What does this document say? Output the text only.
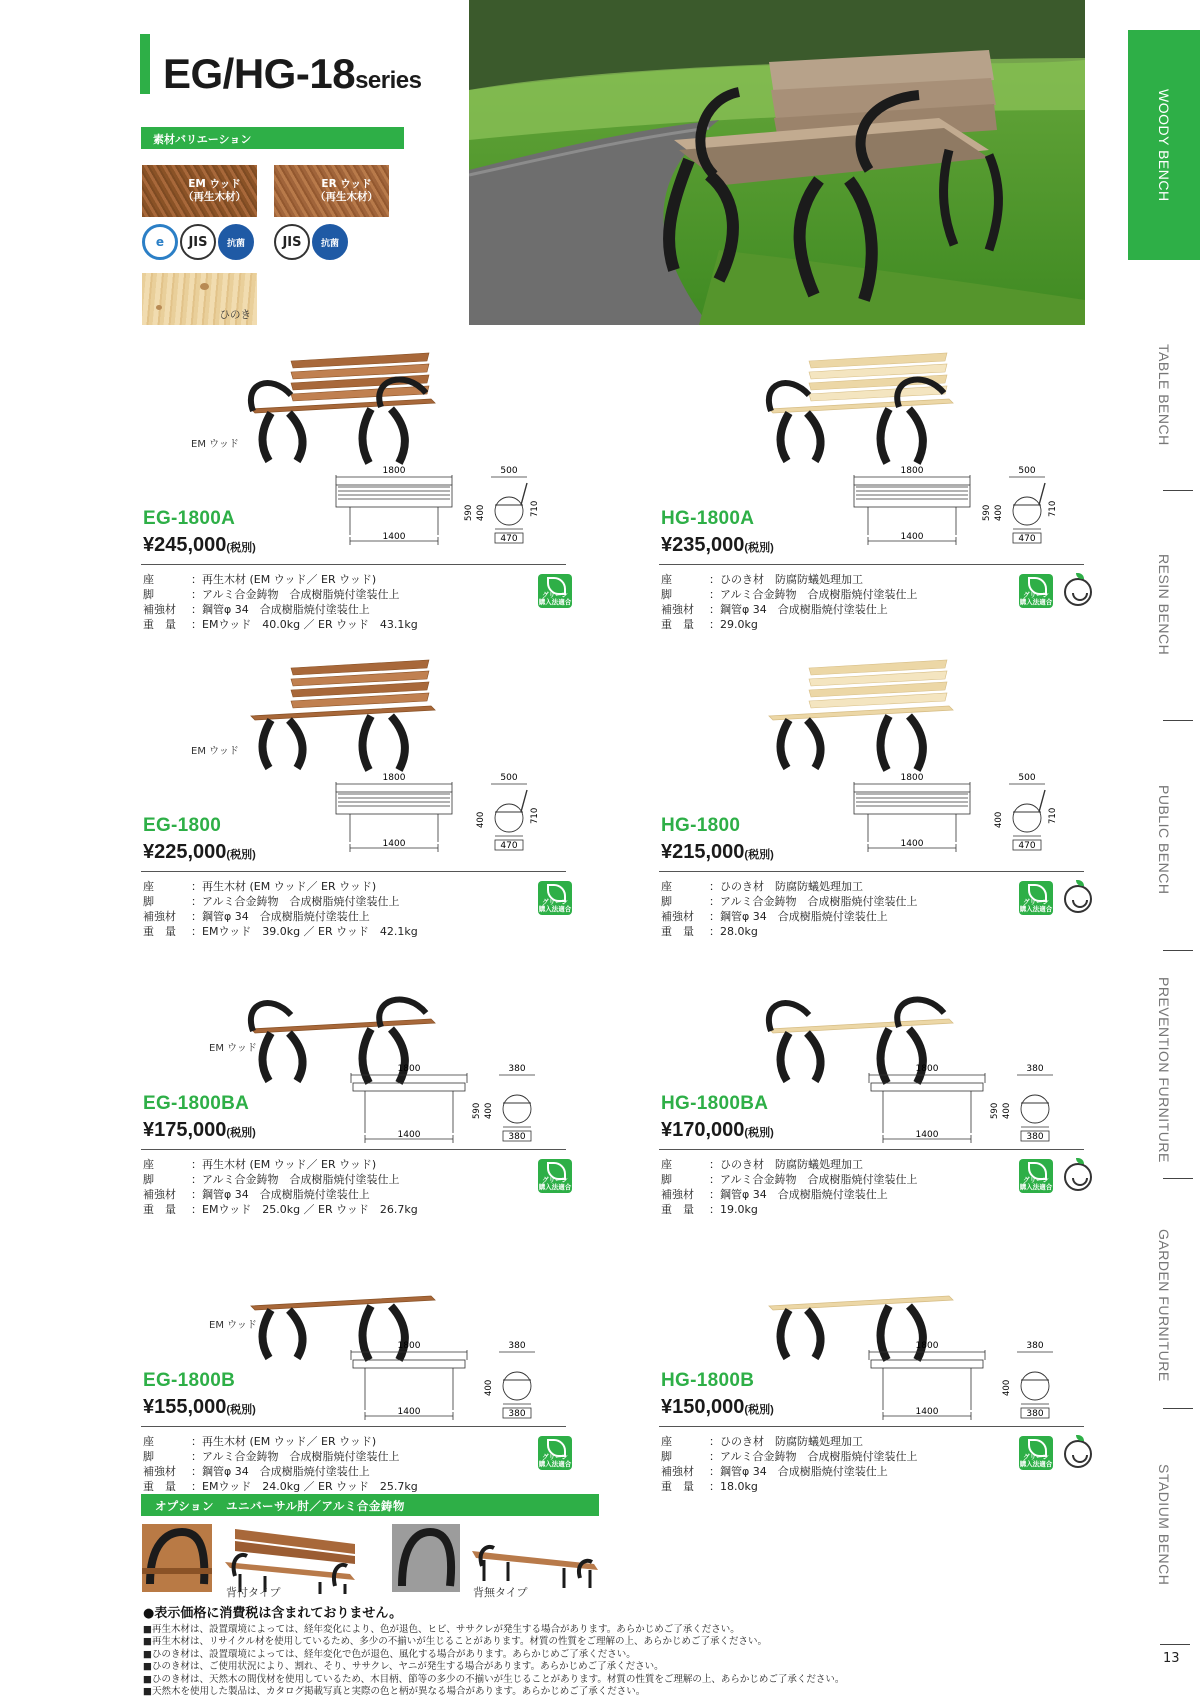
EG/HG-18series
素材バリエーション
EM ウッド
（再生木材）
ER ウッド
（再生木材）
ひのき
e	JIS 抗菌	JIS 抗菌
WOODY BENCH
TABLE BENCH
RESIN BENCH
PUBLIC BENCH
PREVENTION FURNITURE
GARDEN FURNITURE
STADIUM BENCH
13
1800
1400
500
470
590 400	710
EM ウッド
EG-1800A
¥245,000(税別)
座	：再生木材 (EM ウッド／ ER ウッド)
脚	：アルミ合金鋳物　合成樹脂焼付塗装仕上
補強材	：鋼管φ 34　合成樹脂焼付塗装仕上
重　量	：EMウッド　40.0kg ／ ER ウッド　43.1kg
グリーン
購入法適合
1800
1400
500
470
590 400	710
HG-1800A
¥235,000(税別)
座	：ひのき材　防腐防蟻処理加工
脚	：アルミ合金鋳物　合成樹脂焼付塗装仕上
補強材	：鋼管φ 34　合成樹脂焼付塗装仕上
重　量	：29.0kg
グリーン
購入法適合
1800
1400
500
470
400	710
EM ウッド
EG-1800
¥225,000(税別)
座	：再生木材 (EM ウッド／ ER ウッド)
脚	：アルミ合金鋳物　合成樹脂焼付塗装仕上
補強材	：鋼管φ 34　合成樹脂焼付塗装仕上
重　量	：EMウッド　39.0kg ／ ER ウッド　42.1kg
グリーン
購入法適合
1800
1400
500
470
400	710
HG-1800
¥215,000(税別)
座	：ひのき材　防腐防蟻処理加工
脚	：アルミ合金鋳物　合成樹脂焼付塗装仕上
補強材	：鋼管φ 34　合成樹脂焼付塗装仕上
重　量	：28.0kg
グリーン
購入法適合
1800
1400
380
380
590 400
EM ウッド
EG-1800BA
¥175,000(税別)
座	：再生木材 (EM ウッド／ ER ウッド)
脚	：アルミ合金鋳物　合成樹脂焼付塗装仕上
補強材	：鋼管φ 34　合成樹脂焼付塗装仕上
重　量	：EMウッド　25.0kg ／ ER ウッド　26.7kg
グリーン
購入法適合
1800
1400
380
380
590 400
HG-1800BA
¥170,000(税別)
座	：ひのき材　防腐防蟻処理加工
脚	：アルミ合金鋳物　合成樹脂焼付塗装仕上
補強材	：鋼管φ 34　合成樹脂焼付塗装仕上
重　量	：19.0kg
グリーン
購入法適合
1800
1400
380
380
400
EM ウッド
EG-1800B
¥155,000(税別)
座	：再生木材 (EM ウッド／ ER ウッド)
脚	：アルミ合金鋳物　合成樹脂焼付塗装仕上
補強材	：鋼管φ 34　合成樹脂焼付塗装仕上
重　量	：EMウッド　24.0kg ／ ER ウッド　25.7kg
グリーン
購入法適合
1800
1400
380
380
400
HG-1800B
¥150,000(税別)
座	：ひのき材　防腐防蟻処理加工
脚	：アルミ合金鋳物　合成樹脂焼付塗装仕上
補強材	：鋼管φ 34　合成樹脂焼付塗装仕上
重　量	：18.0kg
グリーン
購入法適合
オプション　ユニバーサル肘／アルミ合金鋳物
背付タイプ	背無タイプ
●表示価格に消費税は含まれておりません。
■再生木材は、設置環境によっては、経年変化により、色が退色、ヒビ、ササクレが発生する場合があります。あらかじめご了承ください。
■再生木材は、リサイクル材を使用しているため、多少の不揃いが生じることがあります。材質の性質をご理解の上、あらかじめご了承ください。
■ひのき材は、設置環境によっては、経年変化で色が退色、風化する場合があります。あらかじめご了承ください。
■ひのき材は、ご使用状況により、割れ、そり、ササクレ、ヤニが発生する場合があります。あらかじめご了承ください。
■ひのき材は、天然木の間伐材を使用しているため、木目柄、節等の多少の不揃いが生じることがあります。材質の性質をご理解の上、あらかじめご了承ください。
■天然木を使用した製品は、カタログ掲載写真と実際の色と柄が異なる場合があります。あらかじめご了承ください。
